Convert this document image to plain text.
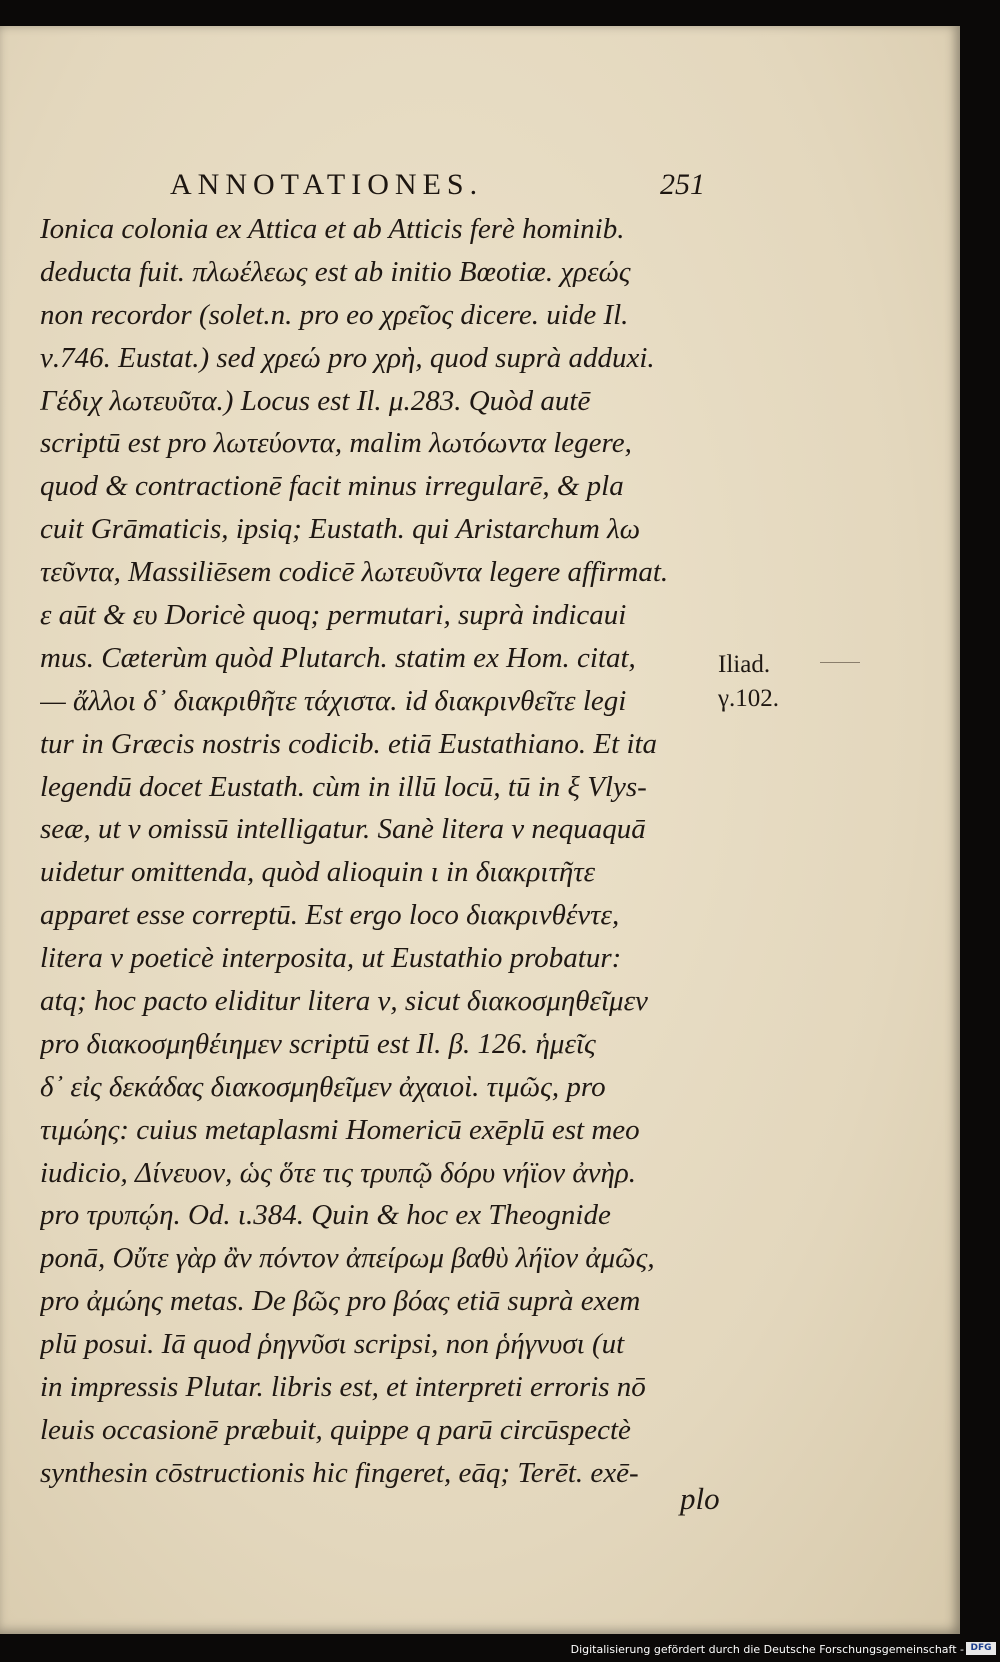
ANNOTATIONES.	251
Ionica colonia ex Attica et ab Atticis ferè hominib.
deducta fuit. πλωέλεως est ab initio Bœotiæ. χρεώς
non recordor (solet.n. pro eo χρεῖος dicere. uide Il.
ν.746. Eustat.) sed χρεώ pro χρὴ, quod suprà adduxi.
Γέδιχ λωτευῦτα.) Locus est Il. μ.283. Quòd autē
scriptū est pro λωτεύοντα, malim λωτόωντα legere,
quod & contractionē facit minus irregularē, & pla
cuit Grāmaticis, ipsiq; Eustath. qui Aristarchum λω
τεῦντα, Massiliēsem codicē λωτευῦντα legere affirmat.
ε aūt & ευ Doricè quoq; permutari, suprà indicaui
mus. Cæterùm quòd Plutarch. statim ex Hom. citat,
— ἄλλοι δ᾽ διακριθῆτε τάχιστα. id διακρινθεῖτε legi
tur in Græcis nostris codicib. etiā Eustathiano. Et ita
legendū docet Eustath. cùm in illū locū, tū in ξ Vlys-
seæ, ut ν omissū intelligatur. Sanè litera ν nequaquā
uidetur omittenda, quòd alioquin ι in διακριτῆτε
apparet esse correptū. Est ergo loco διακρινθέντε,
litera ν poeticè interposita, ut Eustathio probatur:
atq; hoc pacto eliditur litera ν, sicut διακοσμηθεῖμεν
pro διακοσμηθέιημεν scriptū est Il. β. 126. ἡμεῖς
δ᾽ εἰς δεκάδας διακοσμηθεῖμεν ἀχαιοὶ. τιμῶς, pro
τιμώης: cuius metaplasmi Homericū exēplū est meo
iudicio, Δίνευον, ὡς ὅτε τις τρυπῷ δόρυ νήϊον ἀνὴρ.
pro τρυπῴη. Od. ι.384. Quin & hoc ex Theognide
ponā, Οὔτε γὰρ ἂν πόντον ἀπείρωμ βαθὺ λήϊον ἀμῶς,
pro ἀμώης metas. De βῶς pro βόας etiā suprà exem
plū posui. Iā quod ῥηγνῦσι scripsi, non ῥήγνυσι (ut
in impressis Plutar. libris est, et interpreti erroris nō
leuis occasionē præbuit, quippe q parū circūspectè
synthesin cōstructionis hic fingeret, eāq; Terēt. exē-
plo
Iliad.
γ.102.
Digitalisierung gefördert durch die Deutsche Forschungsgemeinschaft - DFG
